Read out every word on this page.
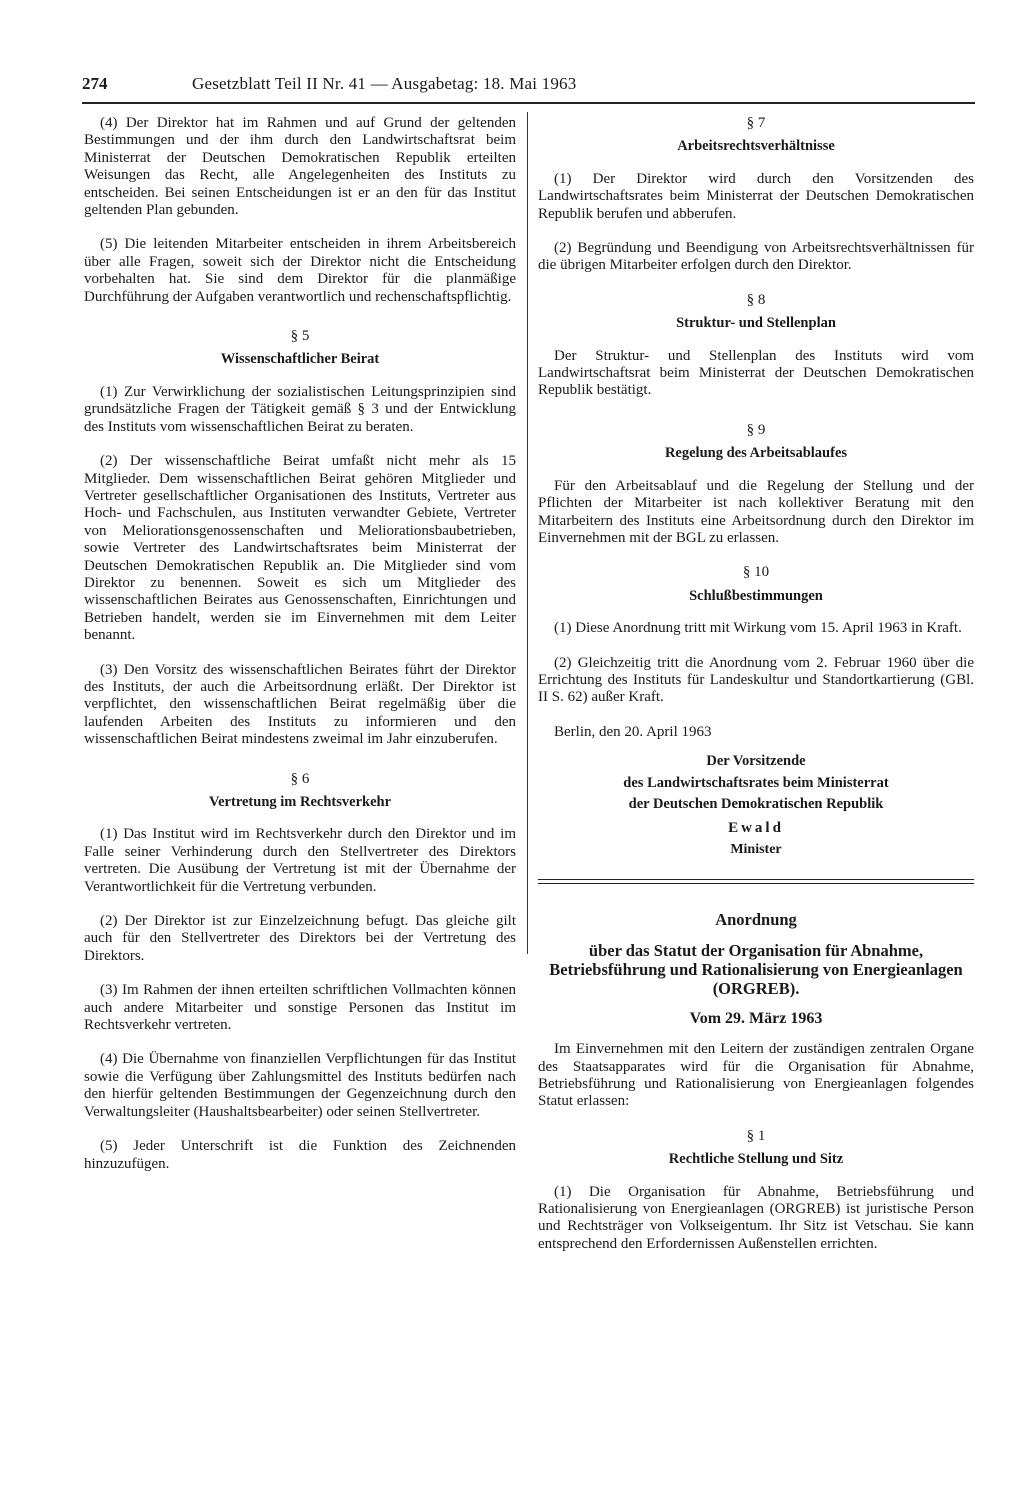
274	Gesetzblatt Teil II Nr. 41 — Ausgabetag: 18. Mai 1963

(4) Der Direktor hat im Rahmen und auf Grund der geltenden Bestimmungen und der ihm durch den Landwirtschaftsrat beim Ministerrat der Deutschen Demokratischen Republik erteilten Weisungen das Recht, alle Angelegenheiten des Instituts zu entscheiden. Bei seinen Entscheidungen ist er an den für das Institut geltenden Plan gebunden.

(5) Die leitenden Mitarbeiter entscheiden in ihrem Arbeitsbereich über alle Fragen, soweit sich der Direktor nicht die Entscheidung vorbehalten hat. Sie sind dem Direktor für die planmäßige Durchführung der Aufgaben verantwortlich und rechenschaftspflichtig.

§ 5
Wissenschaftlicher Beirat

(1) Zur Verwirklichung der sozialistischen Leitungsprinzipien sind grundsätzliche Fragen der Tätigkeit gemäß § 3 und der Entwicklung des Instituts vom wissenschaftlichen Beirat zu beraten.

(2) Der wissenschaftliche Beirat umfaßt nicht mehr als 15 Mitglieder. Dem wissenschaftlichen Beirat gehören Mitglieder und Vertreter gesellschaftlicher Organisationen des Instituts, Vertreter aus Hoch- und Fachschulen, aus Instituten verwandter Gebiete, Vertreter von Meliorationsgenossenschaften und Meliorationsbaubetrieben, sowie Vertreter des Landwirtschaftsrates beim Ministerrat der Deutschen Demokratischen Republik an. Die Mitglieder sind vom Direktor zu benennen. Soweit es sich um Mitglieder des wissenschaftlichen Beirates aus Genossenschaften, Einrichtungen und Betrieben handelt, werden sie im Einvernehmen mit dem Leiter benannt.

(3) Den Vorsitz des wissenschaftlichen Beirates führt der Direktor des Instituts, der auch die Arbeitsordnung erläßt. Der Direktor ist verpflichtet, den wissenschaftlichen Beirat regelmäßig über die laufenden Arbeiten des Instituts zu informieren und den wissenschaftlichen Beirat mindestens zweimal im Jahr einzuberufen.

§ 6
Vertretung im Rechtsverkehr

(1) Das Institut wird im Rechtsverkehr durch den Direktor und im Falle seiner Verhinderung durch den Stellvertreter des Direktors vertreten. Die Ausübung der Vertretung ist mit der Übernahme der Verantwortlichkeit für die Vertretung verbunden.

(2) Der Direktor ist zur Einzelzeichnung befugt. Das gleiche gilt auch für den Stellvertreter des Direktors bei der Vertretung des Direktors.

(3) Im Rahmen der ihnen erteilten schriftlichen Vollmachten können auch andere Mitarbeiter und sonstige Personen das Institut im Rechtsverkehr vertreten.

(4) Die Übernahme von finanziellen Verpflichtungen für das Institut sowie die Verfügung über Zahlungsmittel des Instituts bedürfen nach den hierfür geltenden Bestimmungen der Gegenzeichnung durch den Verwaltungsleiter (Haushaltsbearbeiter) oder seinen Stellvertreter.

(5) Jeder Unterschrift ist die Funktion des Zeichnenden hinzuzufügen.

§ 7
Arbeitsrechtsverhältnisse

(1) Der Direktor wird durch den Vorsitzenden des Landwirtschaftsrates beim Ministerrat der Deutschen Demokratischen Republik berufen und abberufen.

(2) Begründung und Beendigung von Arbeitsrechtsverhältnissen für die übrigen Mitarbeiter erfolgen durch den Direktor.

§ 8
Struktur- und Stellenplan

Der Struktur- und Stellenplan des Instituts wird vom Landwirtschaftsrat beim Ministerrat der Deutschen Demokratischen Republik bestätigt.

§ 9
Regelung des Arbeitsablaufes

Für den Arbeitsablauf und die Regelung der Stellung und der Pflichten der Mitarbeiter ist nach kollektiver Beratung mit den Mitarbeitern des Instituts eine Arbeitsordnung durch den Direktor im Einvernehmen mit der BGL zu erlassen.

§ 10
Schlußbestimmungen

(1) Diese Anordnung tritt mit Wirkung vom 15. April 1963 in Kraft.

(2) Gleichzeitig tritt die Anordnung vom 2. Februar 1960 über die Errichtung des Instituts für Landeskultur und Standortkartierung (GBl. II S. 62) außer Kraft.

Berlin, den 20. April 1963

Der Vorsitzende
des Landwirtschaftsrates beim Ministerrat
der Deutschen Demokratischen Republik
Ewald
Minister
Anordnung
über das Statut der Organisation für Abnahme, Betriebsführung und Rationalisierung von Energieanlagen (ORGREB).
Vom 29. März 1963

Im Einvernehmen mit den Leitern der zuständigen zentralen Organe des Staatsapparates wird für die Organisation für Abnahme, Betriebsführung und Rationalisierung von Energieanlagen folgendes Statut erlassen:

§ 1
Rechtliche Stellung und Sitz

(1) Die Organisation für Abnahme, Betriebsführung und Rationalisierung von Energieanlagen (ORGREB) ist juristische Person und Rechtsträger von Volkseigentum. Ihr Sitz ist Vetschau. Sie kann entsprechend den Erfordernissen Außenstellen errichten.
